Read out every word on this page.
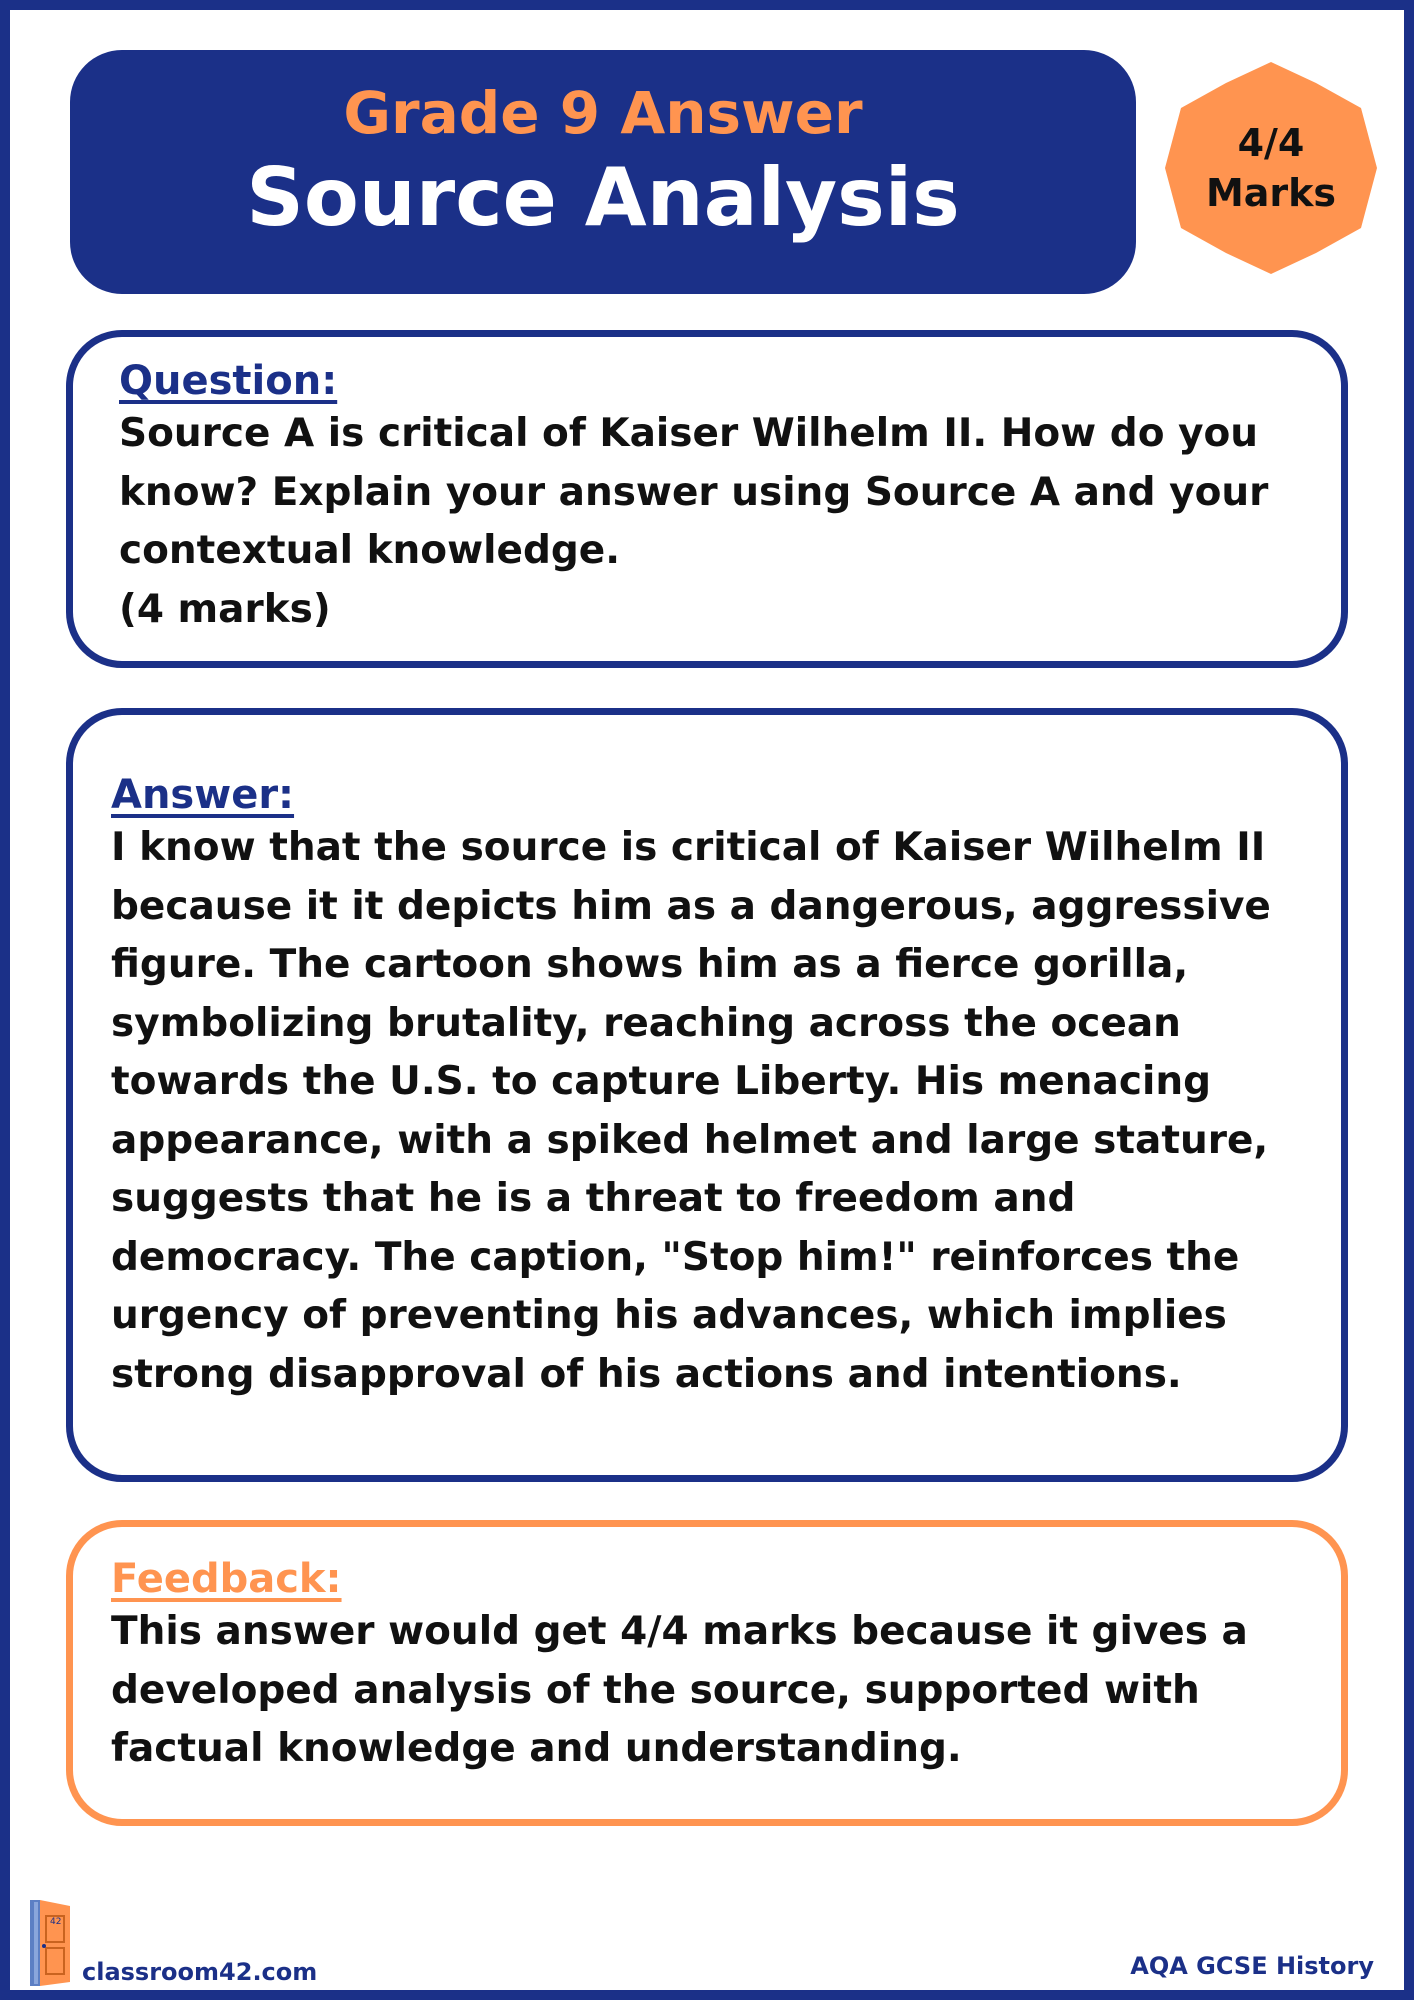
Grade 9 Answer
Source Analysis
4/4
Marks
Question:

Source A is critical of Kaiser Wilhelm II. How do you
know? Explain your answer using Source A and your
contextual knowledge.
(4 marks)

Answer:

I know that the source is critical of Kaiser Wilhelm II
because it it depicts him as a dangerous, aggressive
figure. The cartoon shows him as a fierce gorilla,
symbolizing brutality, reaching across the ocean
towards the U.S. to capture Liberty. His menacing
appearance, with a spiked helmet and large stature,
suggests that he is a threat to freedom and
democracy. The caption, "Stop him!" reinforces the
urgency of preventing his advances, which implies
strong disapproval of his actions and intentions.

Feedback:

This answer would get 4/4 marks because it gives a
developed analysis of the source, supported with
factual knowledge and understanding.

42
classroom42.com	AQA GCSE History
